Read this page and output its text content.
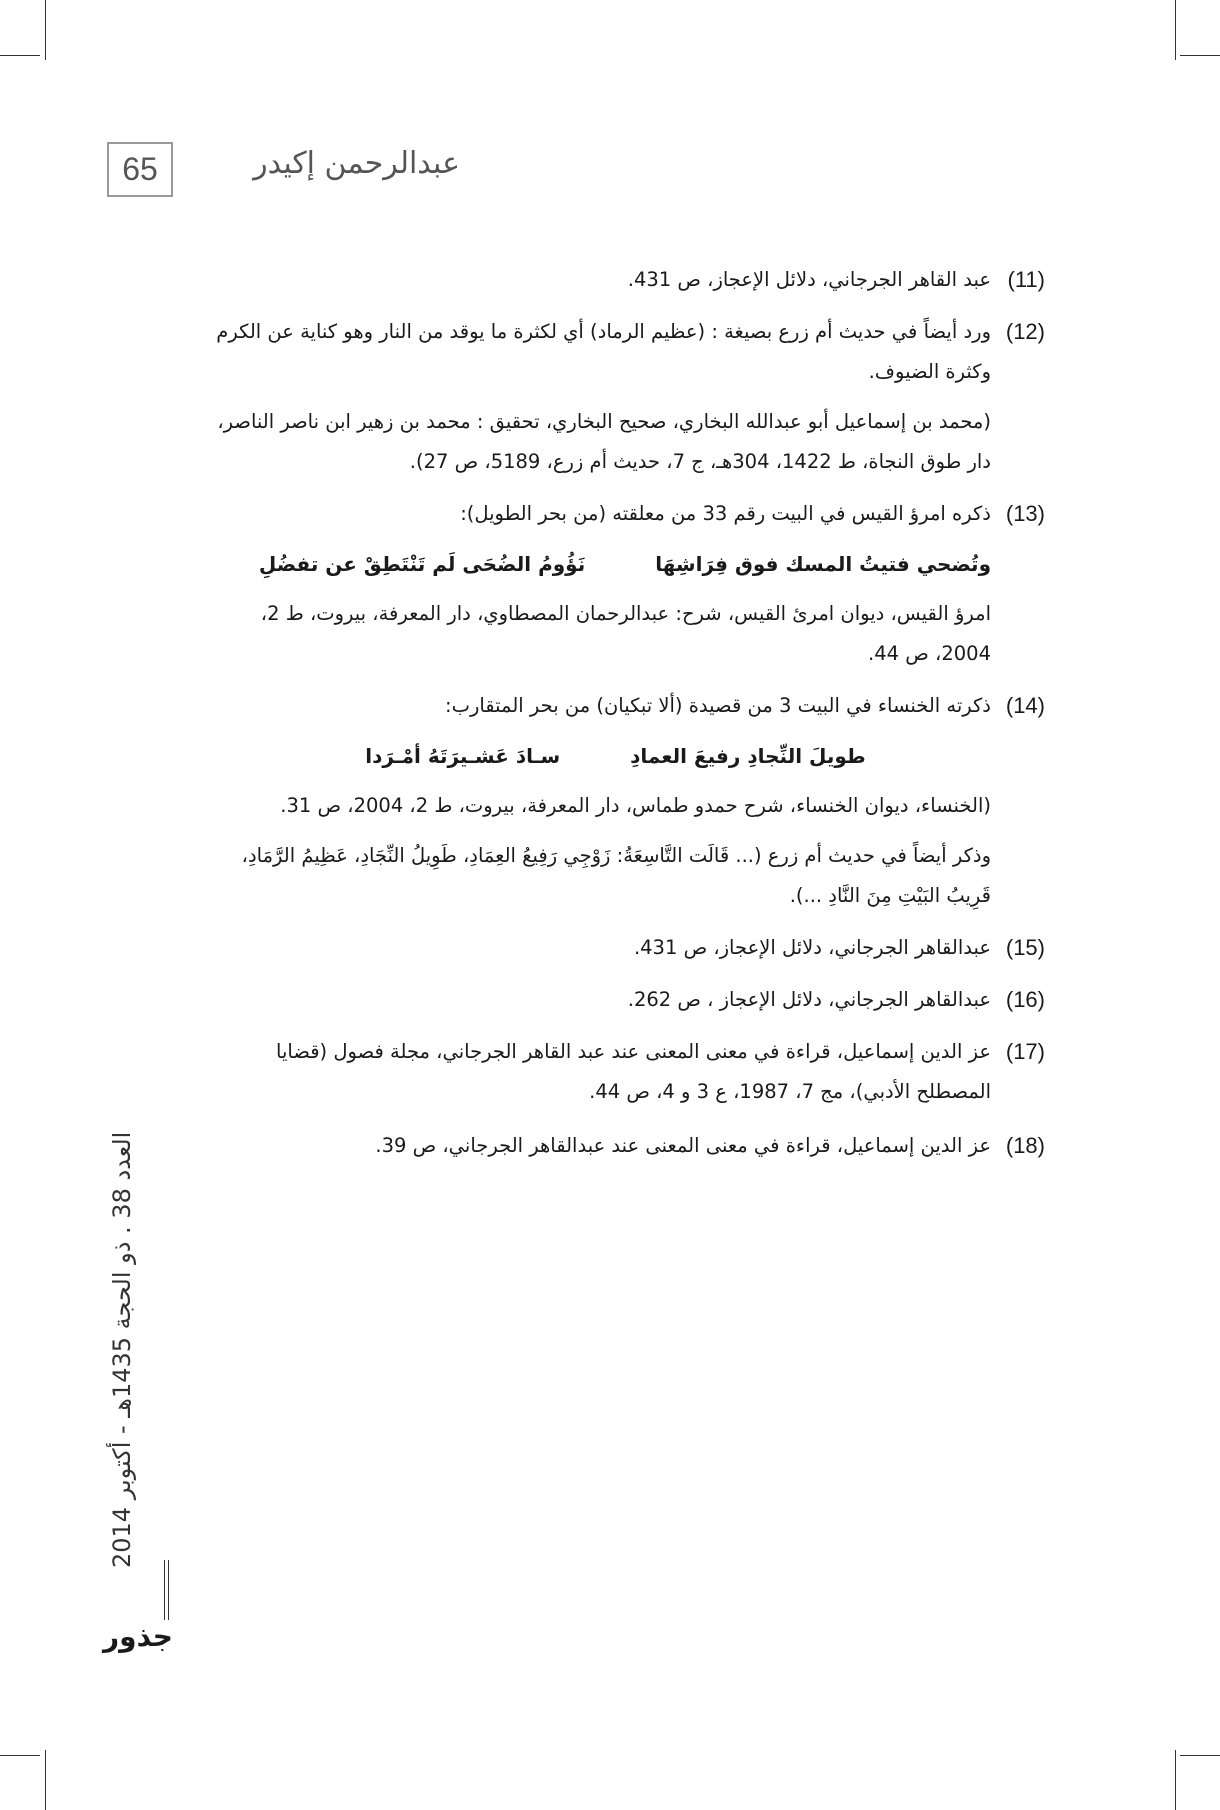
65	عبدالرحمن إكيدر
(11)

عبد القاهر الجرجاني، دلائل الإعجاز، ص 431.

(12)

ورد أيضاً في حديث أم زرع بصيغة : (عظيم الرماد) أي لكثرة ما يوقد من النار وهو كناية عن الكرم وكثرة الضيوف.

(محمد بن إسماعيل أبو عبدالله البخاري، صحيح البخاري، تحقيق : محمد بن زهير ابن ناصر الناصر، دار طوق النجاة، ط 1422، 304هـ، ج 7، حديث أم زرع، 5189، ص 27).

(13)

ذكره امرؤ القيس في البيت رقم 33 من معلقته (من بحر الطويل):

وتُضحي فتيتُ المسك فوق فِرَاشِهَا
نَؤُومُ الضُحَى لَم تَنْتَطِقْ عن تفضُلِ

امرؤ القيس، ديوان امرئ القيس، شرح: عبدالرحمان المصطاوي، دار المعرفة، بيروت، ط 2، 2004، ص 44.

(14)

ذكرته الخنساء في البيت 3 من قصيدة (ألا تبكيان) من بحر المتقارب:

طويلَ النِّجادِ رفيعَ العمادِ
سـادَ عَشـيرَتَهُ أمْـرَدا

(الخنساء، ديوان الخنساء، شرح حمدو طماس، دار المعرفة، بيروت، ط 2، 2004، ص 31.

وذكر أيضاً في حديث أم زرع (... قَالَت التَّاسِعَةُ: زَوْجِي رَفِيعُ العِمَادِ، طَوِيلُ النِّجَادِ، عَظِيمُ الرَّمَادِ، قَرِيبُ البَيْتِ مِنَ النَّادِ ...).

(15)

عبدالقاهر الجرجاني، دلائل الإعجاز، ص 431.

(16)

عبدالقاهر الجرجاني، دلائل الإعجاز ، ص 262.

(17)

عز الدين إسماعيل، قراءة في معنى المعنى عند عبد القاهر الجرجاني، مجلة فصول (قضايا المصطلح الأدبي)، مج 7، 1987، ع 3 و 4، ص 44.

(18)

عز الدين إسماعيل، قراءة في معنى المعنى عند عبدالقاهر الجرجاني، ص 39.

العدد 38 . ذو الحجة 1435هـ - أكتوبر 2014
جذور
